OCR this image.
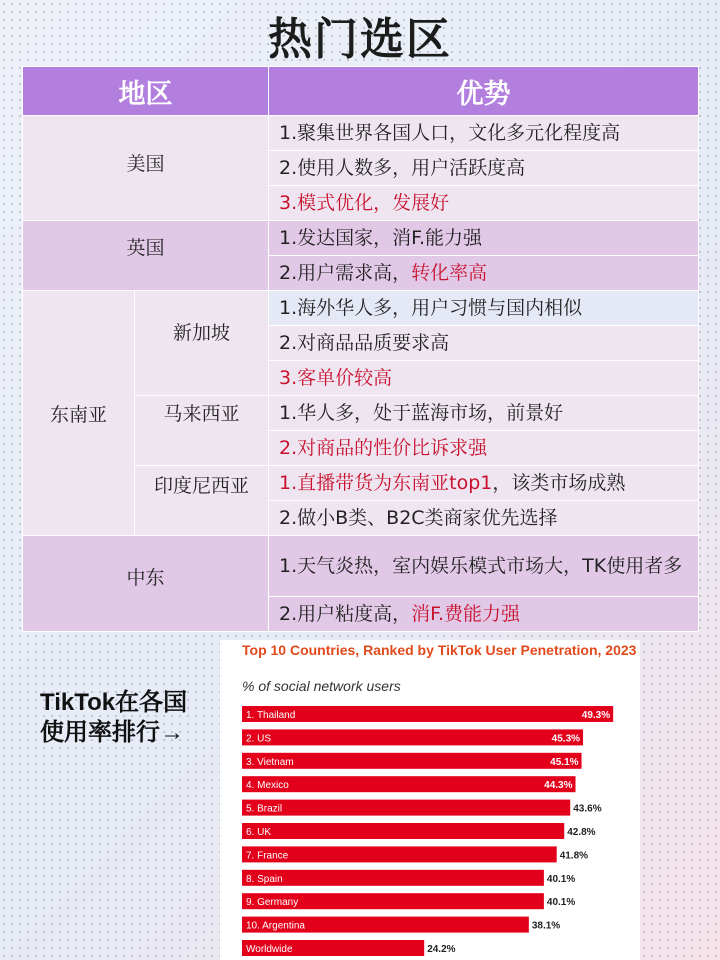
热门选区
地区		优势
美国		1.聚集世界各国人口，文化多元化程度高
		2.使用人数多，用户活跃度高
		3.模式优化，发展好
英国		1.发达国家，消F.能力强
		2.用户需求高，转化率高
东南亚	新加坡	1.海外华人多，用户习惯与国内相似
		2.对商品品质要求高
		3.客单价较高
	马来西亚	1.华人多，处于蓝海市场，前景好
		2.对商品的性价比诉求强
	印度尼西亚	1.直播带货为东南亚top1，该类市场成熟
		2.做小B类、B2C类商家优先选择
中东		1.天气炎热，室内娱乐模式市场大，TK使用者多
		2.用户粘度高，消F.费能力强
TikTok在各国
使用率排行→
Top 10 Countries, Ranked by TikTok User Penetration, 2023
% of social network users
1. Thailand	49.3%
2. US	45.3%
3. Vietnam	45.1%
4. Mexico	44.3%
5. Brazil	43.6%
6. UK	42.8%
7. France	41.8%
8. Spain	40.1%
9. Germany	40.1%
10. Argentina	38.1%
Worldwide	24.2%
